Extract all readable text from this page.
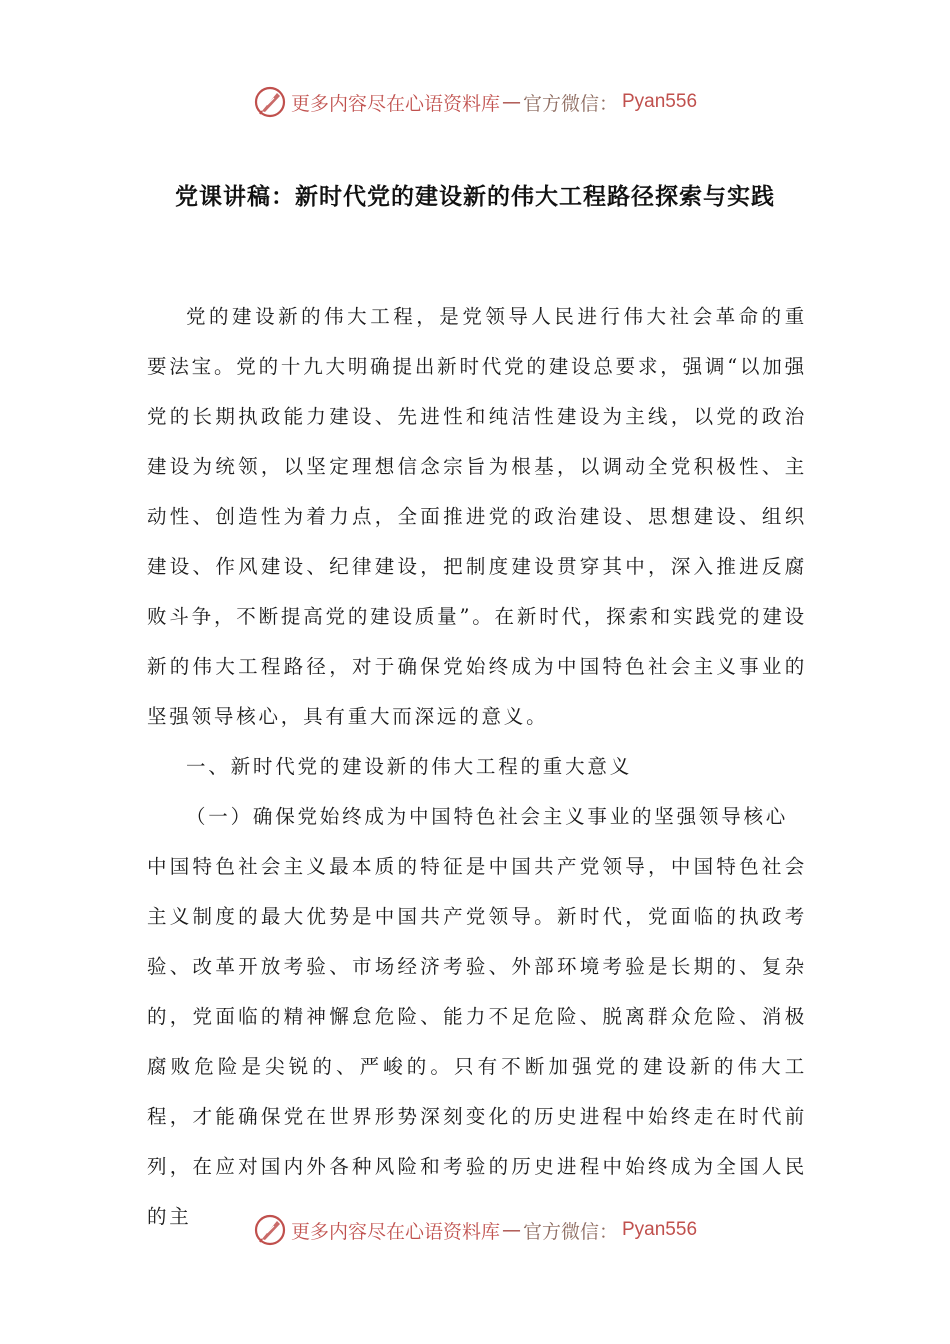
更多内容尽在心语资料库 — 官方微信： Pyan556
党课讲稿：新时代党的建设新的伟大工程路径探索与实践

党的建设新的伟大工程，是党领导人民进行伟大社会革命的重要法宝。党的十九大明确提出新时代党的建设总要求，强调“以加强党的长期执政能力建设、先进性和纯洁性建设为主线，以党的政治建设为统领，以坚定理想信念宗旨为根基，以调动全党积极性、主动性、创造性为着力点，全面推进党的政治建设、思想建设、组织建设、作风建设、纪律建设，把制度建设贯穿其中，深入推进反腐败斗争，不断提高党的建设质量”。在新时代，探索和实践党的建设新的伟大工程路径，对于确保党始终成为中国特色社会主义事业的坚强领导核心，具有重大而深远的意义。

一、新时代党的建设新的伟大工程的重大意义

（一）确保党始终成为中国特色社会主义事业的坚强领导核心

中国特色社会主义最本质的特征是中国共产党领导，中国特色社会主义制度的最大优势是中国共产党领导。新时代，党面临的执政考验、改革开放考验、市场经济考验、外部环境考验是长期的、复杂的，党面临的精神懈怠危险、能力不足危险、脱离群众危险、消极腐败危险是尖锐的、严峻的。只有不断加强党的建设新的伟大工程，才能确保党在世界形势深刻变化的历史进程中始终走在时代前列，在应对国内外各种风险和考验的历史进程中始终成为全国人民的主

更多内容尽在心语资料库 — 官方微信： Pyan556
